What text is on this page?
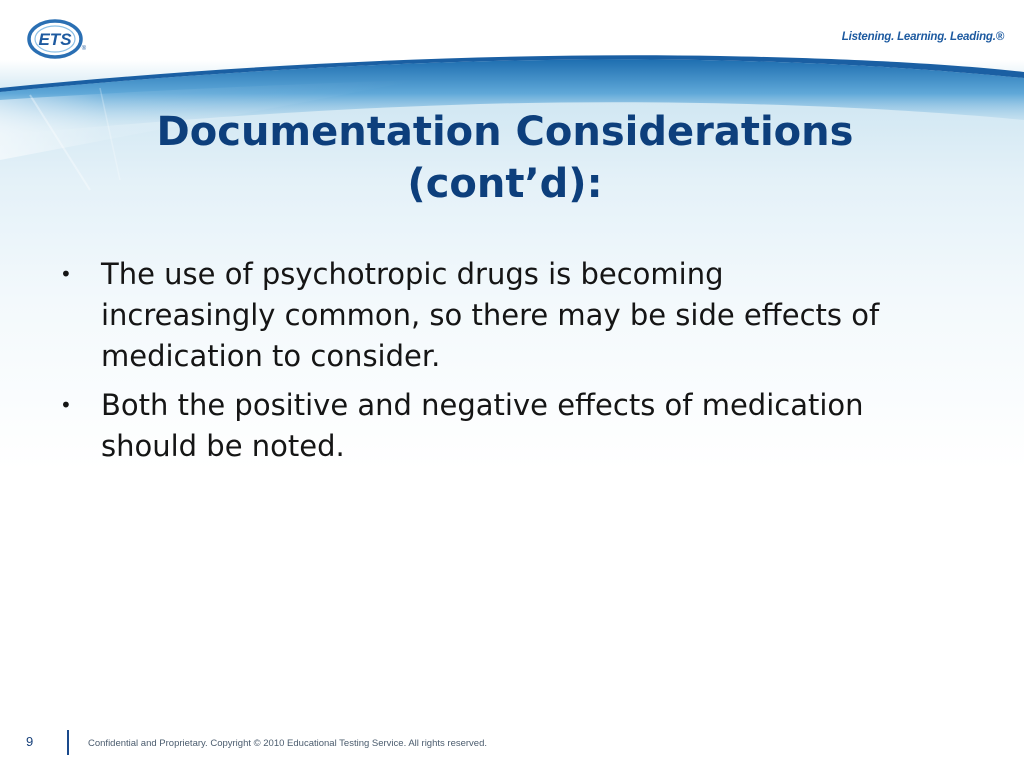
ETS ®
Listening. Learning. Leading.®
Documentation Considerations
(cont’d):
• The use of psychotropic drugs is becoming increasingly common, so there may be side effects of medication to consider.
• Both the positive and negative effects of medication should be noted.
9	Confidential and Proprietary. Copyright © 2010 Educational Testing Service. All rights reserved.
